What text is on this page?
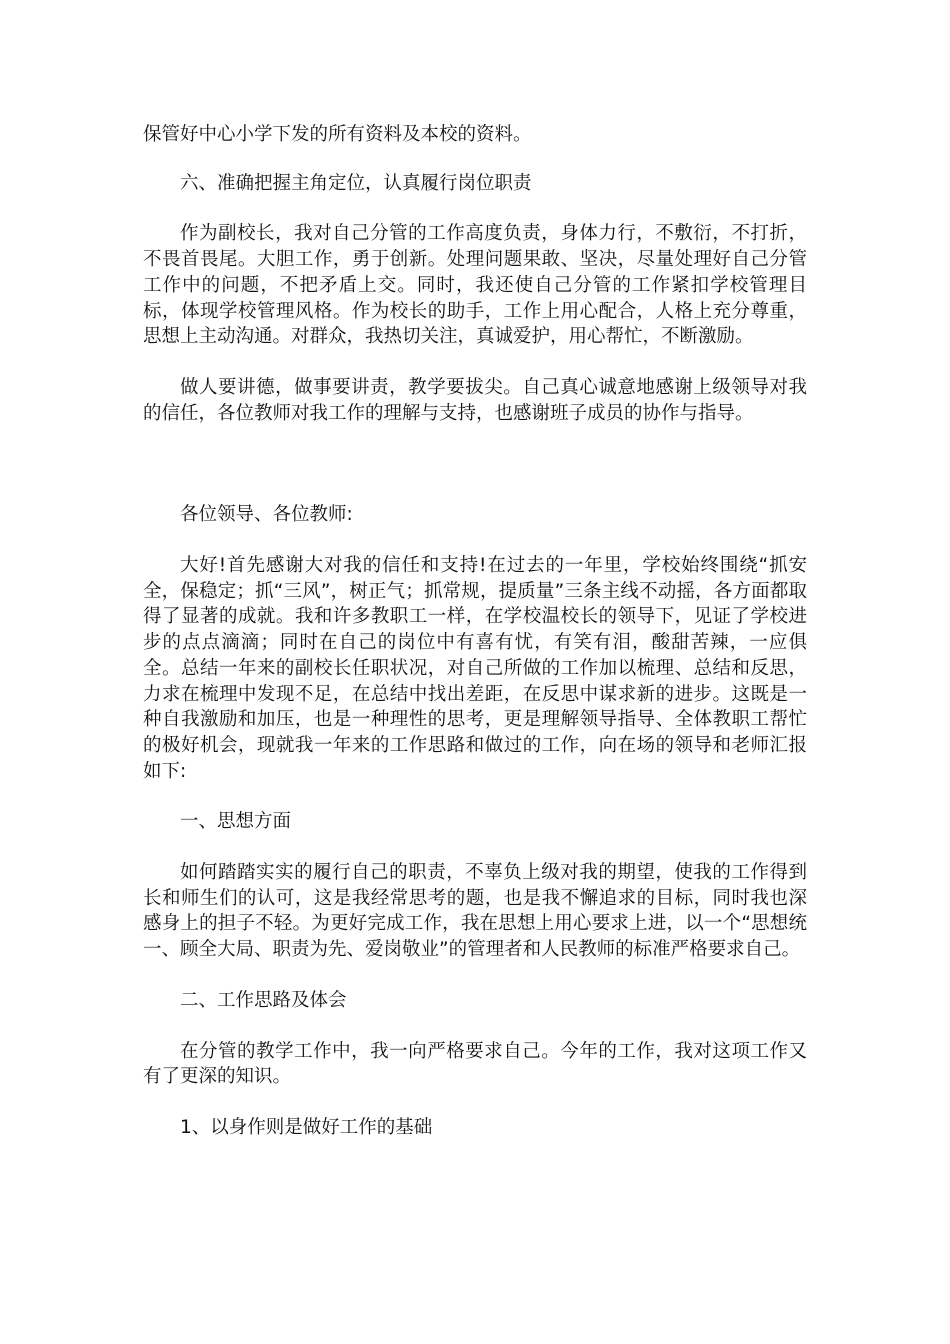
保管好中心小学下发的所有资料及本校的资料。

六、准确把握主角定位，认真履行岗位职责

作为副校长，我对自己分管的工作高度负责，身体力行，不敷衍，不打折，不畏首畏尾。大胆工作，勇于创新。处理问题果敢、坚决，尽量处理好自己分管工作中的问题，不把矛盾上交。同时，我还使自己分管的工作紧扣学校管理目标，体现学校管理风格。作为校长的助手，工作上用心配合，人格上充分尊重，思想上主动沟通。对群众，我热切关注，真诚爱护，用心帮忙，不断激励。

做人要讲德，做事要讲责，教学要拔尖。自己真心诚意地感谢上级领导对我的信任，各位教师对我工作的理解与支持，也感谢班子成员的协作与指导。

各位领导、各位教师:

大好!首先感谢大对我的信任和支持!在过去的一年里，学校始终围绕“抓安全，保稳定；抓“三风”，树正气；抓常规，提质量”三条主线不动摇，各方面都取得了显著的成就。我和许多教职工一样，在学校温校长的领导下，见证了学校进步的点点滴滴；同时在自己的岗位中有喜有忧，有笑有泪，酸甜苦辣，一应俱全。总结一年来的副校长任职状况，对自己所做的工作加以梳理、总结和反思，力求在梳理中发现不足，在总结中找出差距，在反思中谋求新的进步。这既是一种自我激励和加压，也是一种理性的思考，更是理解领导指导、全体教职工帮忙的极好机会，现就我一年来的工作思路和做过的工作，向在场的领导和老师汇报如下:

一、思想方面

如何踏踏实实的履行自己的职责，不辜负上级对我的期望，使我的工作得到长和师生们的认可，这是我经常思考的题，也是我不懈追求的目标，同时我也深感身上的担子不轻。为更好完成工作，我在思想上用心要求上进，以一个“思想统一、顾全大局、职责为先、爱岗敬业”的管理者和人民教师的标准严格要求自己。

二、工作思路及体会

在分管的教学工作中，我一向严格要求自己。今年的工作，我对这项工作又有了更深的知识。

1、以身作则是做好工作的基础
